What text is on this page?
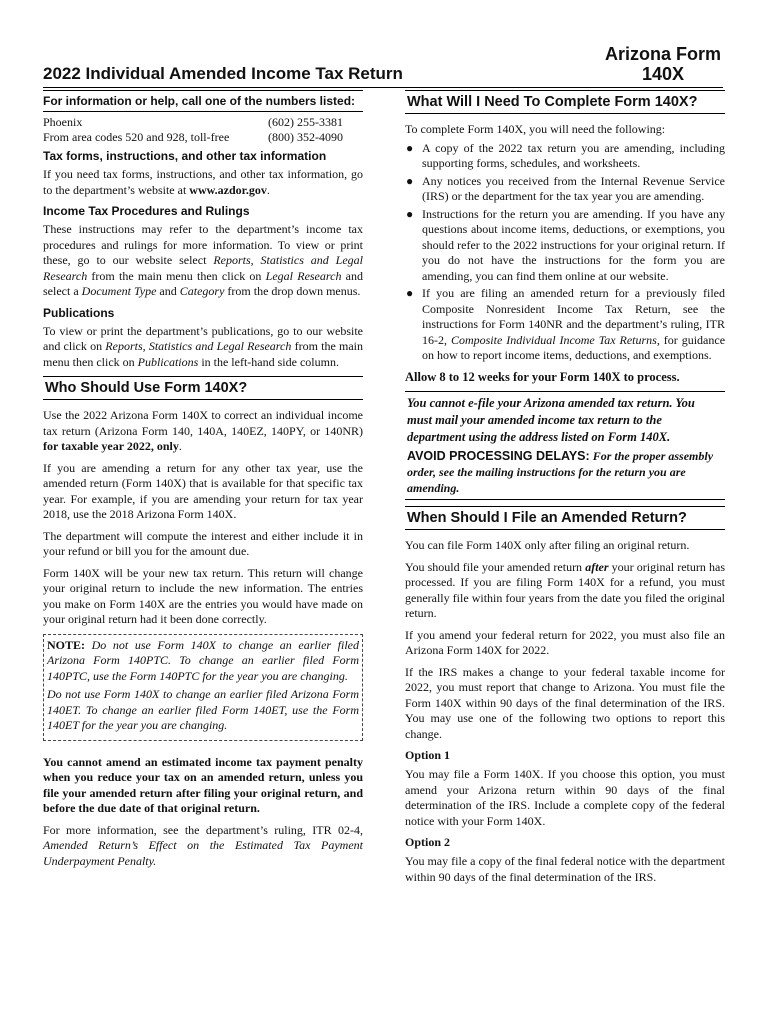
2022 Individual Amended Income Tax Return
Arizona Form
140X
For information or help, call one of the numbers listed:
Phoenix	(602) 255-3381
From area codes 520 and 928, toll-free	(800) 352-4090
Tax forms, instructions, and other tax information

If you need tax forms, instructions, and other tax information, go to the department’s website at www.azdor.gov.

Income Tax Procedures and Rulings

These instructions may refer to the department’s income tax procedures and rulings for more information. To view or print these, go to our website select Reports, Statistics and Legal Research from the main menu then click on Legal Research and select a Document Type and Category from the drop down menus.

Publications

To view or print the department’s publications, go to our website and click on Reports, Statistics and Legal Research from the main menu then click on Publications in the left-hand side column.

Who Should Use Form 140X?

Use the 2022 Arizona Form 140X to correct an individual income tax return (Arizona Form 140, 140A, 140EZ, 140PY, or 140NR) for taxable year 2022, only.

If you are amending a return for any other tax year, use the amended return (Form 140X) that is available for that specific tax year. For example, if you are amending your return for tax year 2018, use the 2018 Arizona Form 140X.

The department will compute the interest and either include it in your refund or bill you for the amount due.

Form 140X will be your new tax return. This return will change your original return to include the new information. The entries you make on Form 140X are the entries you would have made on your original return had it been done correctly.

NOTE: Do not use Form 140X to change an earlier filed Arizona Form 140PTC. To change an earlier filed Form 140PTC, use the Form 140PTC for the year you are changing.

Do not use Form 140X to change an earlier filed Arizona Form 140ET. To change an earlier filed Form 140ET, use the Form 140ET for the year you are changing.

You cannot amend an estimated income tax payment penalty when you reduce your tax on an amended return, unless you file your amended return after filing your original return, and before the due date of that original return.

For more information, see the department’s ruling, ITR 02-4, Amended Return’s Effect on the Estimated Tax Payment Underpayment Penalty.

What Will I Need To Complete Form 140X?

To complete Form 140X, you will need the following:

● A copy of the 2022 tax return you are amending, including supporting forms, schedules, and worksheets.
● Any notices you received from the Internal Revenue Service (IRS) or the department for the tax year you are amending.
● Instructions for the return you are amending. If you have any questions about income items, deductions, or exemptions, you should refer to the 2022 instructions for your original return. If you do not have the instructions for the form you are amending, you can find them online at our website.
● If you are filing an amended return for a previously filed Composite Nonresident Income Tax Return, see the instructions for Form 140NR and the department’s ruling, ITR 16-2, Composite Individual Income Tax Returns, for guidance on how to report income items, deductions, and exemptions.

Allow 8 to 12 weeks for your Form 140X to process.

You cannot e-file your Arizona amended tax return. You must mail your amended income tax return to the department using the address listed on Form 140X.
AVOID PROCESSING DELAYS: For the proper assembly order, see the mailing instructions for the return you are amending.
When Should I File an Amended Return?

You can file Form 140X only after filing an original return.

You should file your amended return after your original return has processed. If you are filing Form 140X for a refund, you must generally file within four years from the date you filed the original return.

If you amend your federal return for 2022, you must also file an Arizona Form 140X for 2022.

If the IRS makes a change to your federal taxable income for 2022, you must report that change to Arizona. You must file the Form 140X within 90 days of the final determination of the IRS. You may use one of the following two options to report this change.

Option 1

You may file a Form 140X. If you choose this option, you must amend your Arizona return within 90 days of the final determination of the IRS. Include a complete copy of the federal notice with your Form 140X.

Option 2

You may file a copy of the final federal notice with the department within 90 days of the final determination of the IRS.
